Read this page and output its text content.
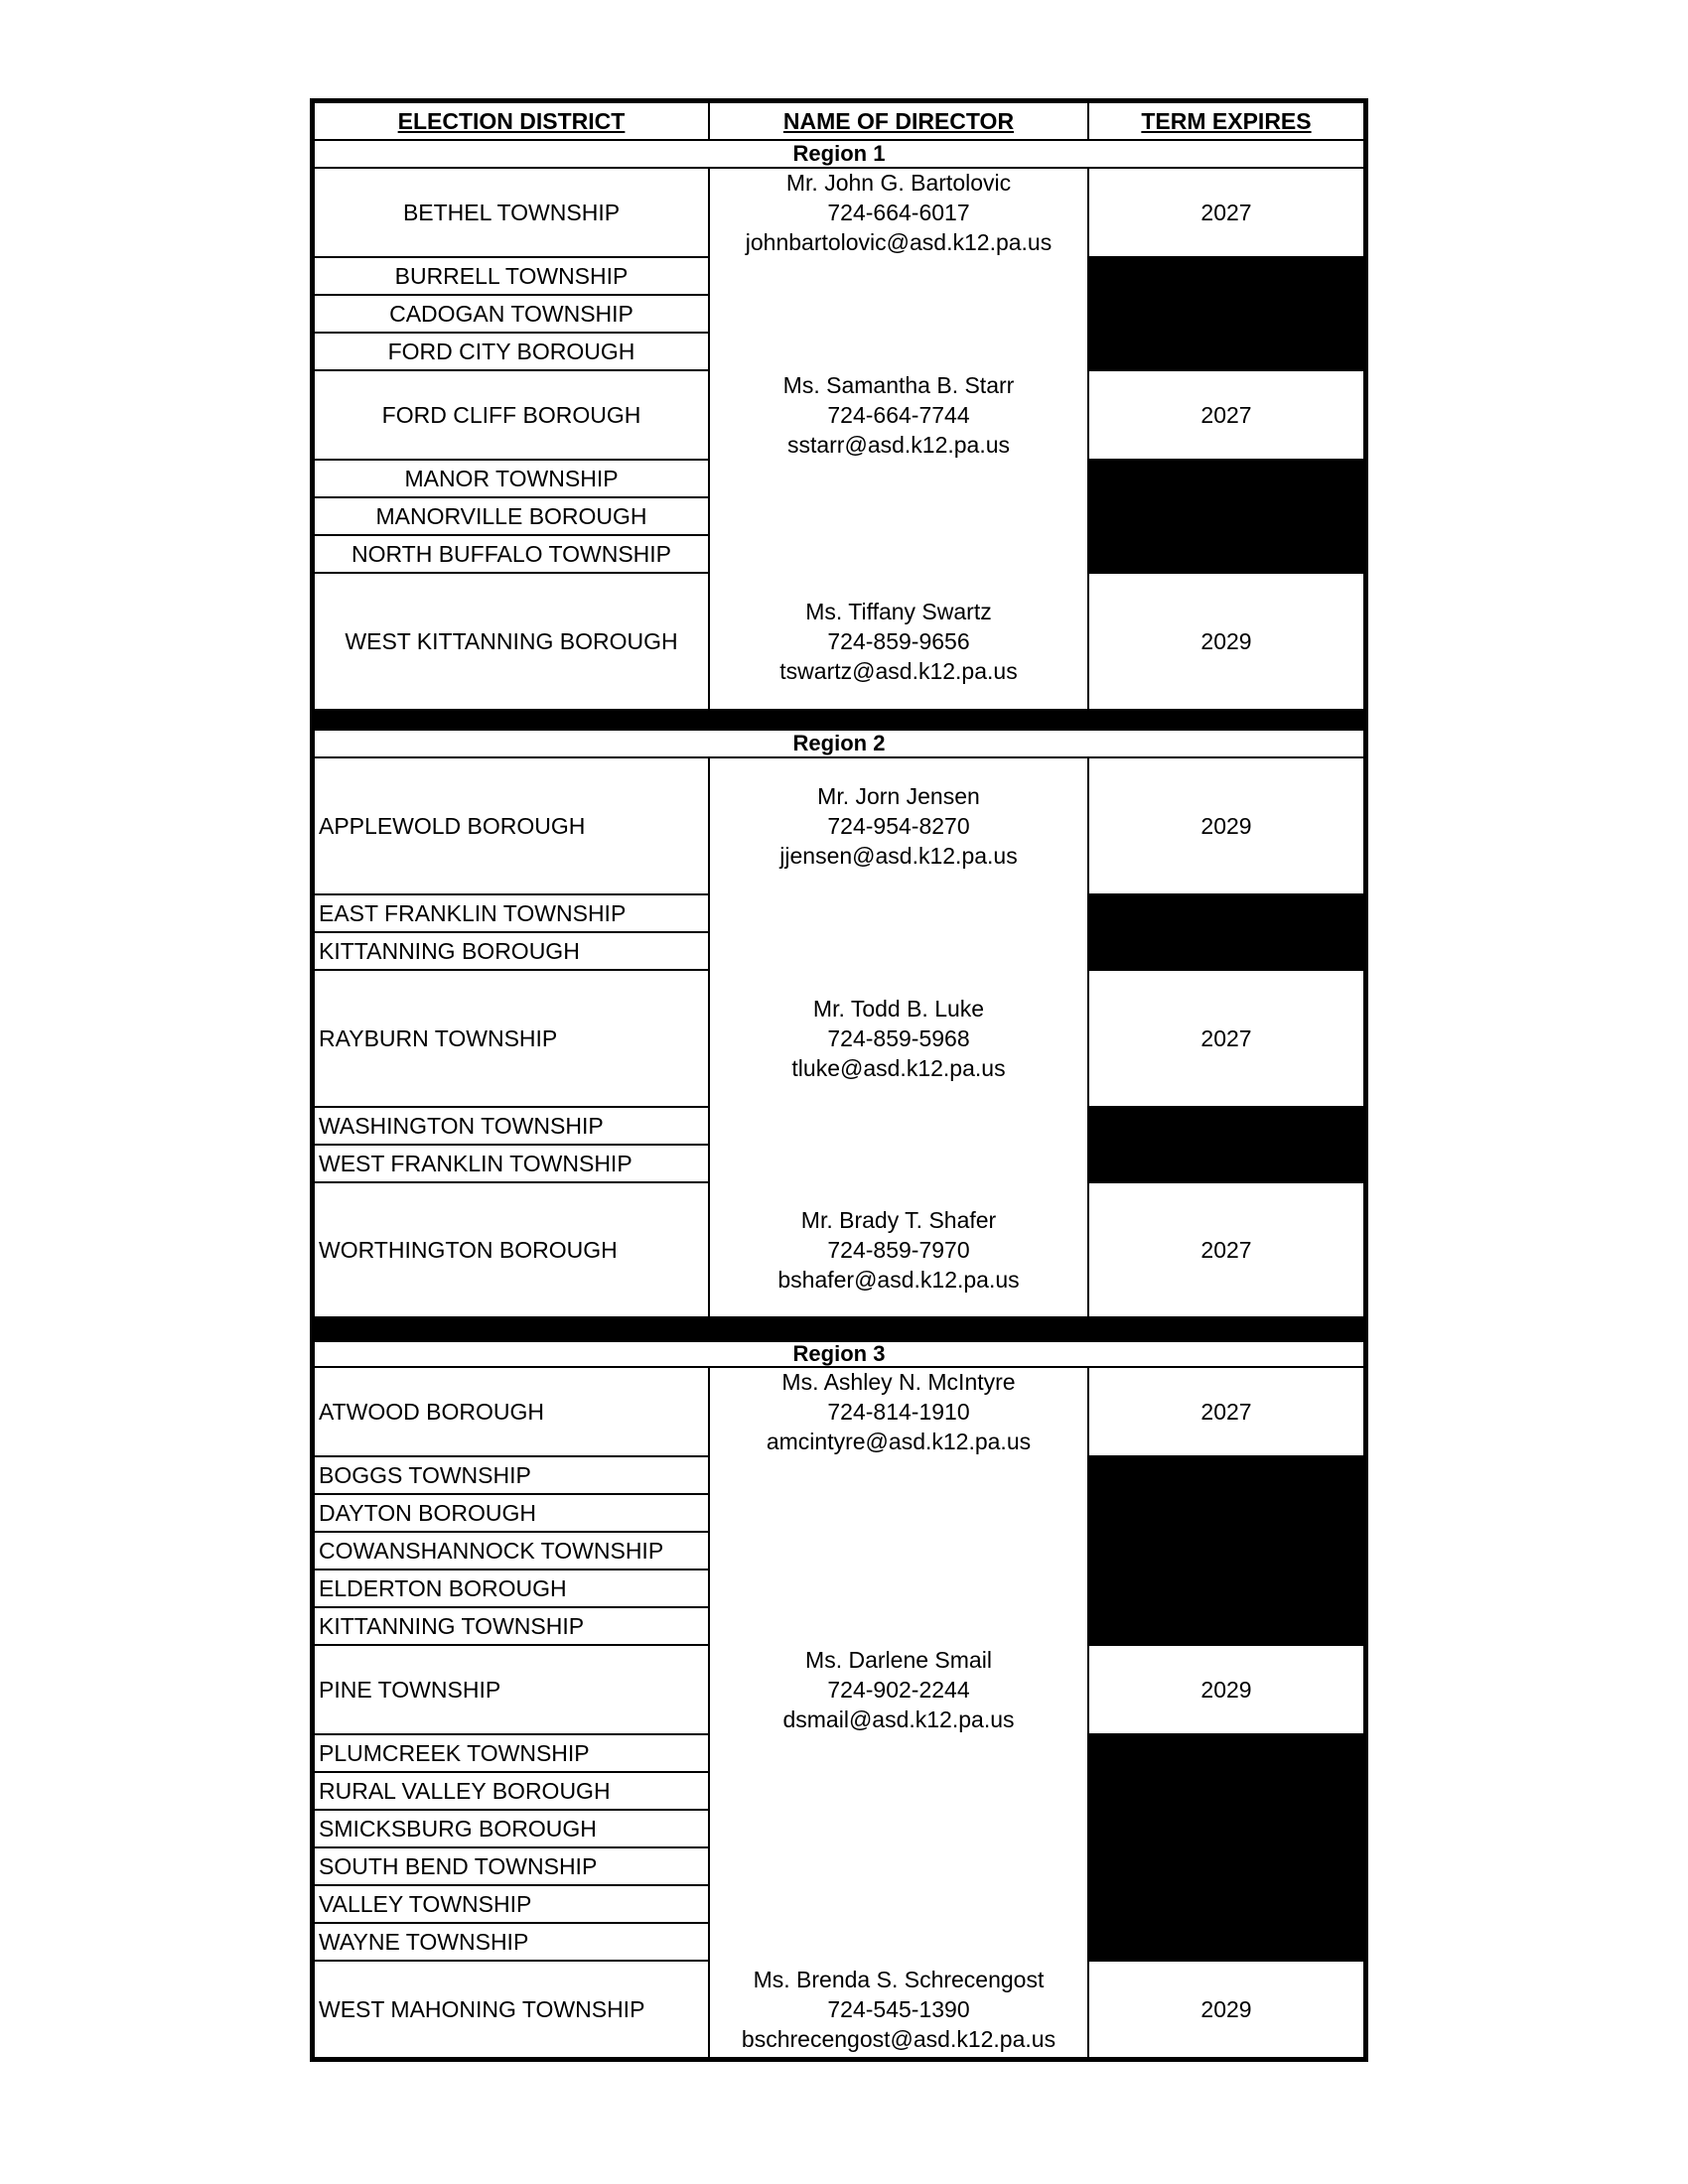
ELECTION DISTRICT	NAME OF DIRECTOR	TERM EXPIRES
Region 1
BETHEL TOWNSHIP
BURRELL TOWNSHIP
CADOGAN TOWNSHIP
FORD CITY BOROUGH
FORD CLIFF BOROUGH
MANOR TOWNSHIP
MANORVILLE BOROUGH
NORTH BUFFALO TOWNSHIP
WEST KITTANNING BOROUGH
Mr. John G. Bartolovic
724-664-6017
johnbartolovic@asd.k12.pa.us
Ms. Samantha B. Starr
724-664-7744
sstarr@asd.k12.pa.us
Ms. Tiffany Swartz
724-859-9656
tswartz@asd.k12.pa.us
2027
2027
2029
Region 2
APPLEWOLD BOROUGH
EAST FRANKLIN TOWNSHIP
KITTANNING BOROUGH
RAYBURN TOWNSHIP
WASHINGTON TOWNSHIP
WEST FRANKLIN TOWNSHIP
WORTHINGTON BOROUGH
Mr. Jorn Jensen
724-954-8270
jjensen@asd.k12.pa.us
Mr. Todd B. Luke
724-859-5968
tluke@asd.k12.pa.us
Mr. Brady T. Shafer
724-859-7970
bshafer@asd.k12.pa.us
2029
2027
2027
Region 3
ATWOOD BOROUGH
BOGGS TOWNSHIP
DAYTON BOROUGH
COWANSHANNOCK TOWNSHIP
ELDERTON BOROUGH
KITTANNING TOWNSHIP
PINE TOWNSHIP
PLUMCREEK TOWNSHIP
RURAL VALLEY BOROUGH
SMICKSBURG BOROUGH
SOUTH BEND TOWNSHIP
VALLEY TOWNSHIP
WAYNE TOWNSHIP
WEST MAHONING TOWNSHIP
Ms. Ashley N. McIntyre
724-814-1910
amcintyre@asd.k12.pa.us
Ms. Darlene Smail
724-902-2244
dsmail@asd.k12.pa.us
Ms. Brenda S. Schrecengost
724-545-1390
bschrecengost@asd.k12.pa.us
2027
2029
2029
